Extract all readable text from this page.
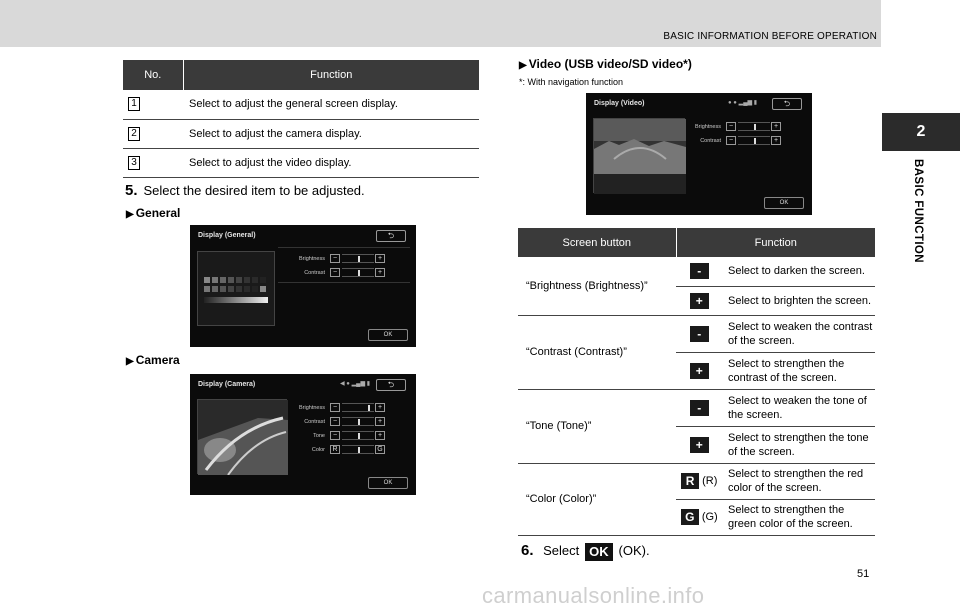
BASIC INFORMATION BEFORE OPERATION
2
BASIC FUNCTION
No.	Function
1	Select to adjust the general screen display.
2	Select to adjust the camera display.
3	Select to adjust the video display.
5. Select the desired item to be adjusted.
▶ General
Display (General)	⮌
Brightness	−	+
Contrast	−	+
OK
▶ Camera
Display (Camera)	◀ ● ▂▄▆ ▮	⮌
Brightness	−	+
Contrast	−	+
Tone	−	+
Color	R	G
OK
▶ Video (USB video/SD video*)
*: With navigation function
Display (Video)	● ● ▂▄▆ ▮	⮌
Brightness	−	+
Contrast	−	+
OK
Screen button	Function	
“Brightness (Brightness)”	-	Select to darken the screen.
	+	Select to brighten the screen.
“Contrast (Contrast)”	-	Select to weaken the contrast of the screen.
	+	Select to strengthen the contrast of the screen.
“Tone (Tone)”	-	Select to weaken the tone of the screen.
	+	Select to strengthen the tone of the screen.
“Color (Color)”	R (R)	Select to strengthen the red color of the screen.
	G (G)	Select to strengthen the green color of the screen.
6. Select OK (OK).
51
carmanualsonline.info
